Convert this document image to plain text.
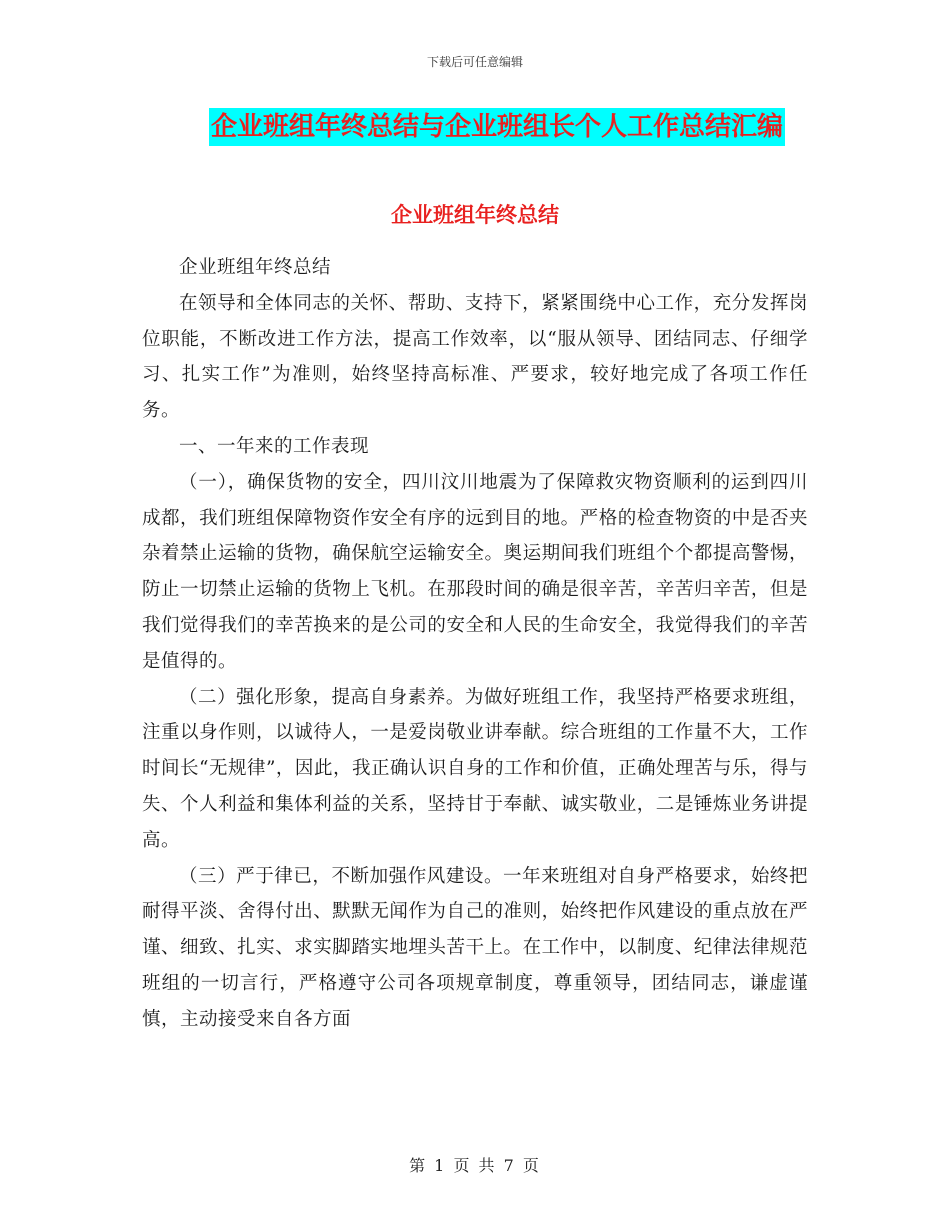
下载后可任意编辑
企业班组年终总结与企业班组长个人工作总结汇编
企业班组年终总结

企业班组年终总结

在领导和全体同志的关怀、帮助、支持下，紧紧围绕中心工作，充分发挥岗位职能，不断改进工作方法，提高工作效率，以“服从领导、团结同志、仔细学习、扎实工作”为准则，始终坚持高标准、严要求，较好地完成了各项工作任务。

一、一年来的工作表现

（一），确保货物的安全，四川汶川地震为了保障救灾物资顺利的运到四川成都，我们班组保障物资作安全有序的远到目的地。严格的检查物资的中是否夹杂着禁止运输的货物，确保航空运输安全。奥运期间我们班组个个都提高警惕，防止一切禁止运输的货物上飞机。在那段时间的确是很辛苦，辛苦归辛苦，但是我们觉得我们的幸苦换来的是公司的安全和人民的生命安全，我觉得我们的辛苦是值得的。

（二）强化形象，提高自身素养。为做好班组工作，我坚持严格要求班组，注重以身作则，以诚待人，一是爱岗敬业讲奉献。综合班组的工作量不大，工作时间长“无规律”，因此，我正确认识自身的工作和价值，正确处理苦与乐，得与失、个人利益和集体利益的关系，坚持甘于奉献、诚实敬业，二是锤炼业务讲提高。

（三）严于律已，不断加强作风建设。一年来班组对自身严格要求，始终把耐得平淡、舍得付出、默默无闻作为自己的准则，始终把作风建设的重点放在严谨、细致、扎实、求实脚踏实地埋头苦干上。在工作中，以制度、纪律法律规范班组的一切言行，严格遵守公司各项规章制度，尊重领导，团结同志，谦虚谨慎，主动接受来自各方面

第 1 页 共 7 页
